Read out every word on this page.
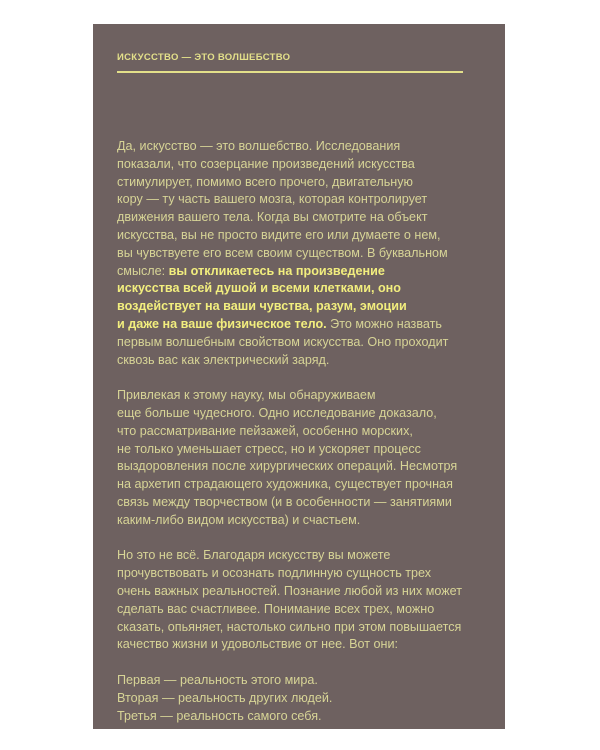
ИСКУССТВО — ЭТО ВОЛШЕБСТВО
Да, искусство — это волшебство. Исследования
показали, что созерцание произведений искусства
стимулирует, помимо всего прочего, двигательную
кору — ту часть вашего мозга, которая контролирует
движения вашего тела. Когда вы смотрите на объект
искусства, вы не просто видите его или думаете о нем,
вы чувствуете его всем своим существом. В буквальном
смысле: вы откликаетесь на произведение
искусства всей душой и всеми клетками, оно
воздействует на ваши чувства, разум, эмоции
и даже на ваше физическое тело. Это можно назвать
первым волшебным свойством искусства. Оно проходит
сквозь вас как электрический заряд.
Привлекая к этому науку, мы обнаруживаем
еще больше чудесного. Одно исследование доказало,
что рассматривание пейзажей, особенно морских,
не только уменьшает стресс, но и ускоряет процесс
выздоровления после хирургических операций. Несмотря
на архетип страдающего художника, существует прочная
связь между творчеством (и в особенности — занятиями
каким-либо видом искусства) и счастьем.
Но это не всё. Благодаря искусству вы можете
прочувствовать и осознать подлинную сущность трех
очень важных реальностей. Познание любой из них может
сделать вас счастливее. Понимание всех трех, можно
сказать, опьяняет, настолько сильно при этом повышается
качество жизни и удовольствие от нее. Вот они:
Первая — реальность этого мира.
Вторая — реальность других людей.
Третья — реальность самого себя.
